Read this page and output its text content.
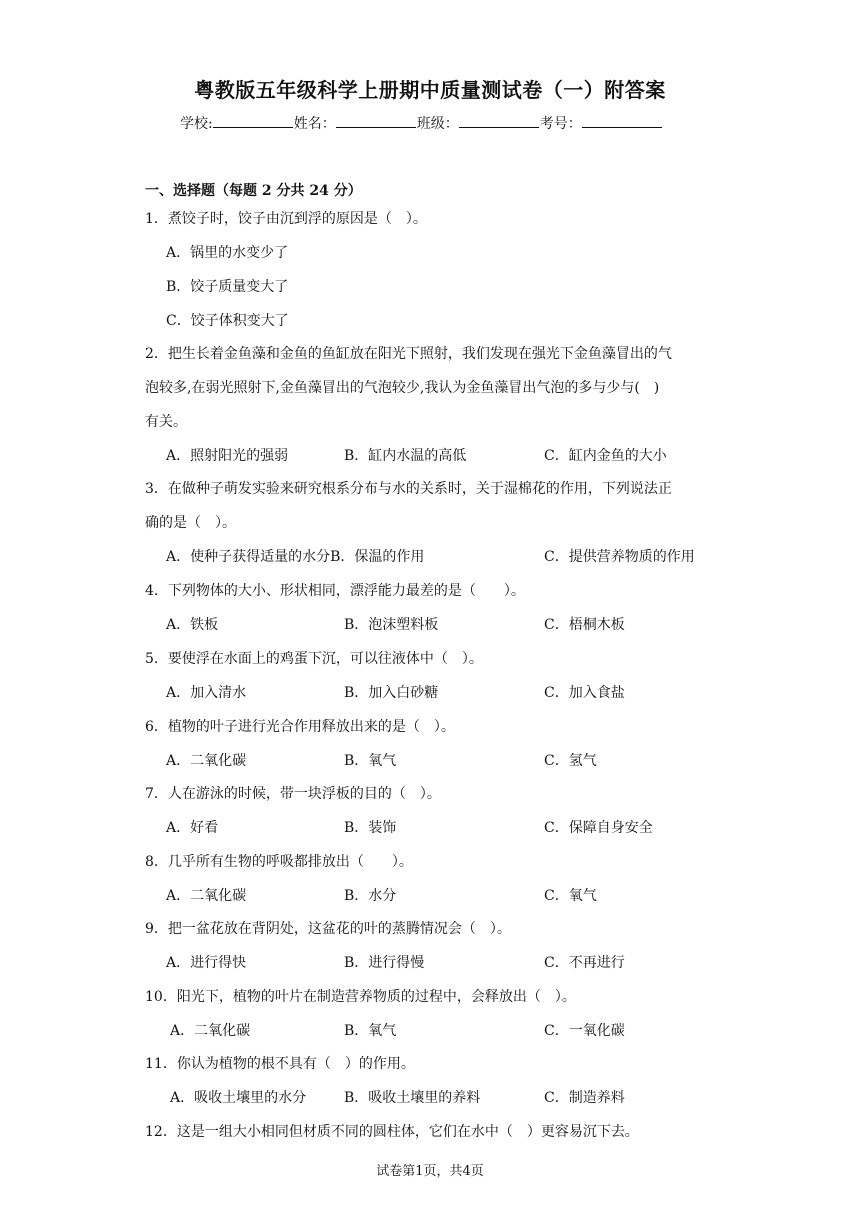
粤教版五年级科学上册期中质量测试卷（一）附答案
学校:	姓名：	班级：	考号：
一、选择题（每题 2 分共 24 分）
1．煮饺子时，饺子由沉到浮的原因是（　）。
A．锅里的水变少了
B．饺子质量变大了
C．饺子体积变大了
2．把生长着金鱼藻和金鱼的鱼缸放在阳光下照射，我们发现在强光下金鱼藻冒出的气
泡较多,在弱光照射下,金鱼藻冒出的气泡较少,我认为金鱼藻冒出气泡的多与少与(　)
有关。
A．照射阳光的强弱	B．缸内水温的高低	C．缸内金鱼的大小
3．在做种子萌发实验来研究根系分布与水的关系时，关于湿棉花的作用，下列说法正
确的是（　）。
A．使种子获得适量的水分B．保温的作用	C．提供营养物质的作用
4．下列物体的大小、形状相同，漂浮能力最差的是（　　）。
A．铁板	B．泡沫塑料板	C．梧桐木板
5．要使浮在水面上的鸡蛋下沉，可以往液体中（　）。
A．加入清水	B．加入白砂糖	C．加入食盐
6．植物的叶子进行光合作用释放出来的是（　）。
A．二氧化碳	B．氧气	C．氢气
7．人在游泳的时候，带一块浮板的目的（　）。
A．好看	B．装饰	C．保障自身安全
8．几乎所有生物的呼吸都排放出（　　）。
A．二氧化碳	B．水分	C．氧气
9．把一盆花放在背阴处，这盆花的叶的蒸腾情况会（　）。
A．进行得快	B．进行得慢	C．不再进行
10．阳光下，植物的叶片在制造营养物质的过程中，会释放出（　）。
A．二氧化碳	B．氧气	C．一氧化碳
11．你认为植物的根不具有（　）的作用。
A．吸收土壤里的水分	B．吸收土壤里的养料	C．制造养料
12．这是一组大小相同但材质不同的圆柱体，它们在水中（　）更容易沉下去。
试卷第1页，共4页
